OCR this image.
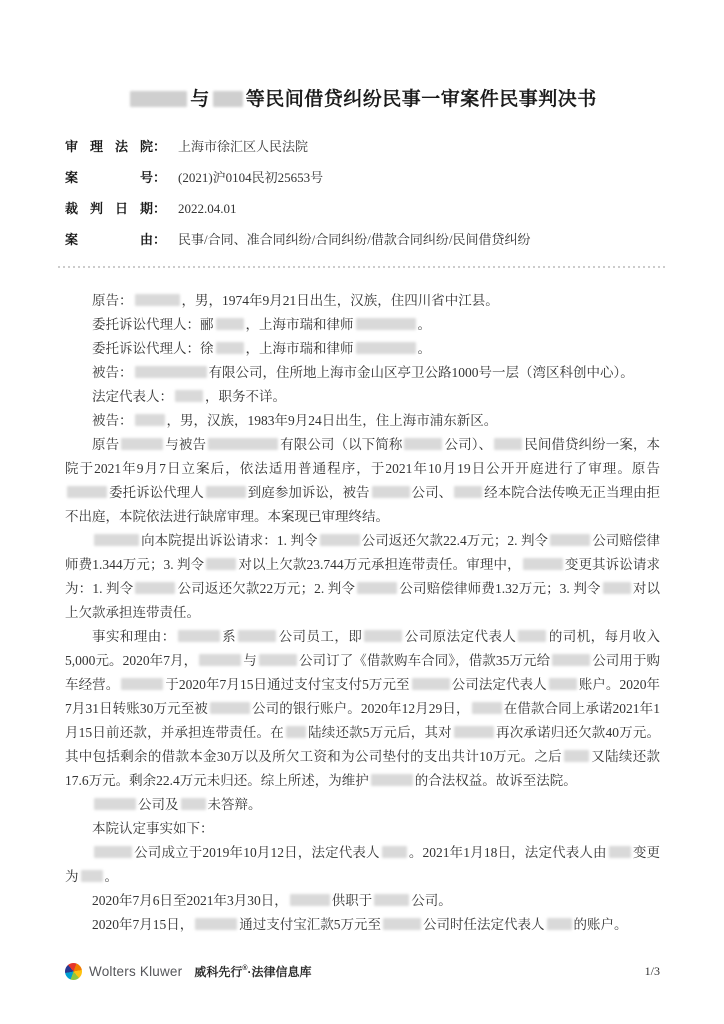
与 等民间借贷纠纷民事一审案件民事判决书
审 理 法 院 ： 上海市徐汇区人民法院
案	号 ： (2021)沪0104民初25653号
裁 判 日 期 ： 2022.04.01
案	由 ： 民事/合同、准合同纠纷/合同纠纷/借款合同纠纷/民间借贷纠纷

原告：	，男，1974年9月21日出生，汉族，住四川省中江县。

委托诉讼代理人：郦 ，上海市瑞和律师	。

委托诉讼代理人：徐 ，上海市瑞和律师	。

被告：	有限公司，住所地上海市金山区亭卫公路1000号一层（湾区科创中心）。

法定代表人： ，职务不详。

被告：	，男，汉族，1983年9月24日出生，住上海市浦东新区。

原告	与被告	有限公司（以下简称	公司）、 民间借贷纠纷一案，本院于2021年9月7日立案后，依法适用普通程序，于2021年10月19日公开开庭进行了审理。原告委托诉讼代理人	到庭参加诉讼，被告	公司、 经本院合法传唤无正当理由拒不出庭，本院依法进行缺席审理。本案现已审理终结。

向本院提出诉讼请求：1. 判令	公司返还欠款22.4万元；2. 判令	公司赔偿律师费1.344万元；3. 判令	对以上欠款23.744万元承担连带责任。审理中，	变更其诉讼请求为：1. 判令	公司返还欠款22万元；2. 判令	公司赔偿律师费1.32万元；3. 判令 对以上欠款承担连带责任。

事实和理由：	系	公司员工，即	公司原法定代表人 的司机，每月收入5,000元。2020年7月，	与	公司订了《借款购车合同》，借款35万元给	公司用于购车经营。	于2020年7月15日通过支付宝支付5万元至	公司法定代表人 账户。2020年7月31日转账30万元至被	公司的银行账户。2020年12月29日，	在借款合同上承诺2021年1月15日前还款，并承担连带责任。在 陆续还款5万元后，其对	再次承诺归还欠款40万元。其中包括剩余的借款本金30万以及所欠工资和为公司垫付的支出共计10万元。之后 又陆续还款17.6万元。剩余22.4万元未归还。综上所述，为维护	的合法权益。故诉至法院。

公司及 未答辩。

本院认定事实如下：

公司成立于2019年10月12日，法定代表人 。2021年1月18日，法定代表人由 变更为 。

2020年7月6日至2021年3月30日，	供职于	公司。

2020年7月15日，	通过支付宝汇款5万元至	公司时任法定代表人 的账户。

Wolters Kluwer 威科先行®·法律信息库	1/3
